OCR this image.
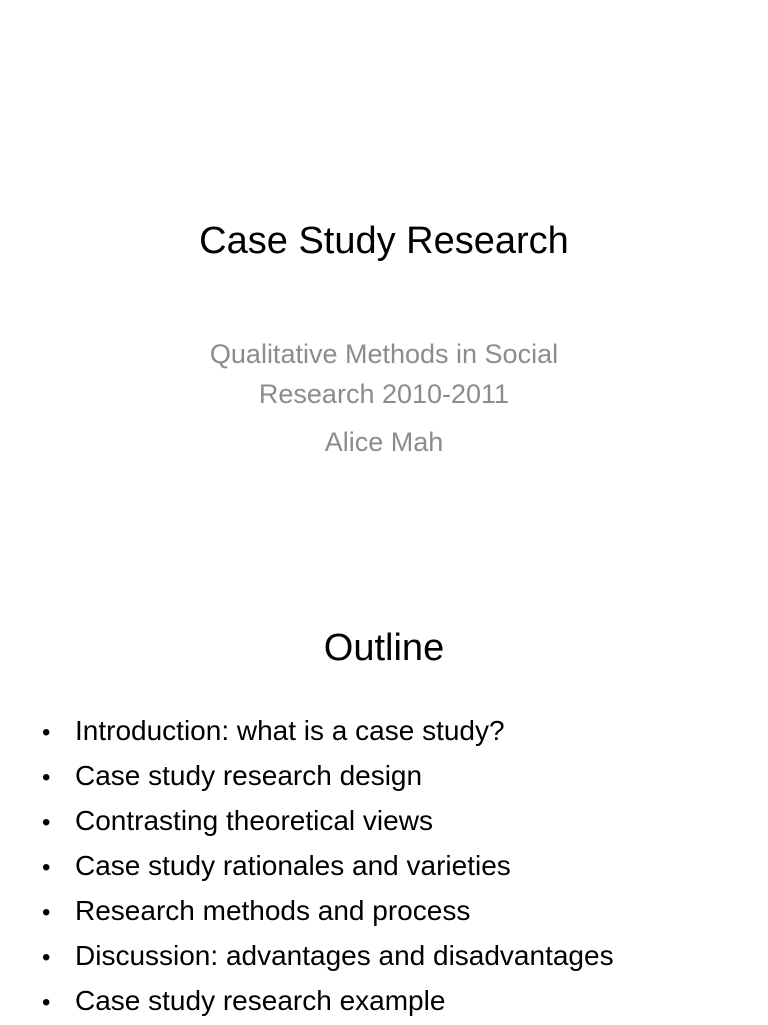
Case Study Research
Qualitative Methods in Social
Research 2010-2011
Alice Mah
Outline
• Introduction: what is a case study?
• Case study research design
• Contrasting theoretical views
• Case study rationales and varieties
• Research methods and process
• Discussion: advantages and disadvantages
• Case study research example
